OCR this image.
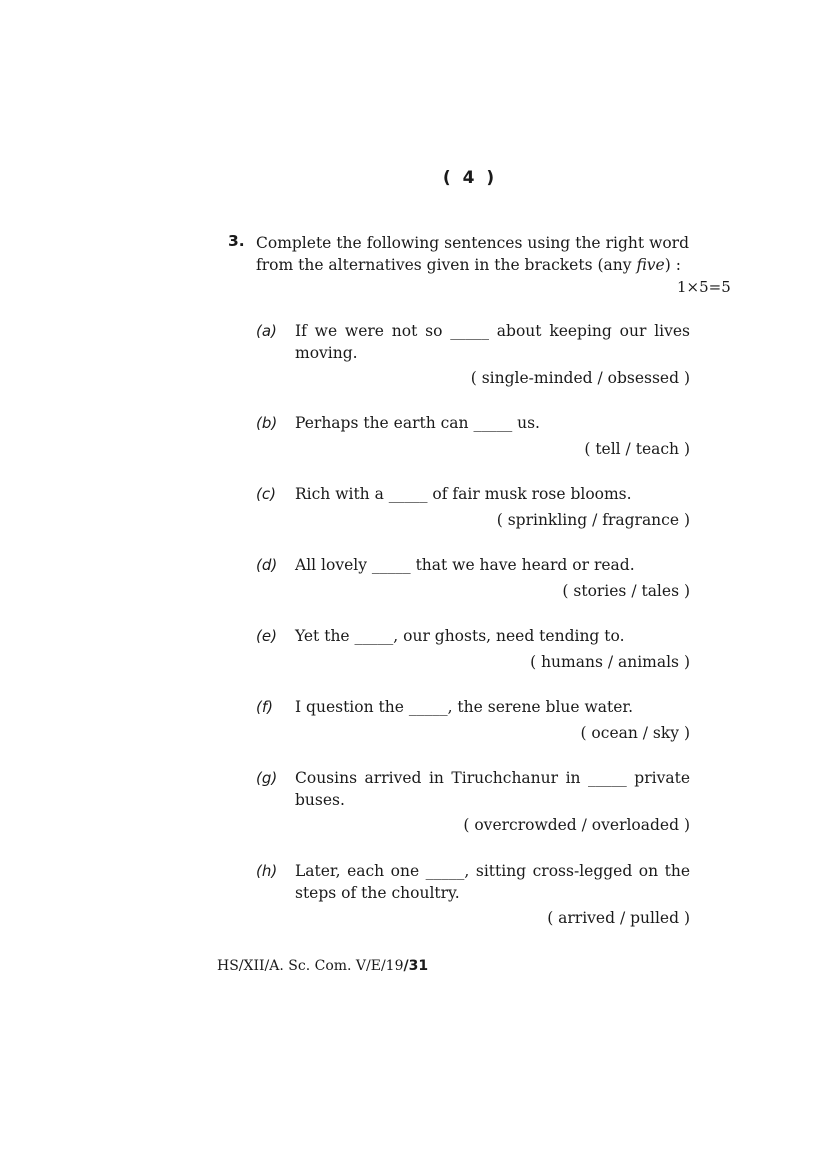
( 4 )
3. Complete the following sentences using the right word from the alternatives given in the brackets (any five) :
1×5=5
(a) If we were not so _____ about keeping our lives moving.
( single-minded / obsessed )
(b) Perhaps the earth can _____ us.
( tell / teach )
(c) Rich with a _____ of fair musk rose blooms.
( sprinkling / fragrance )
(d) All lovely _____ that we have heard or read.
( stories / tales )
(e) Yet the _____, our ghosts, need tending to.
( humans / animals )
(f) I question the _____, the serene blue water.
( ocean / sky )
(g) Cousins arrived in Tiruchchanur in _____ private buses.
( overcrowded / overloaded )
(h) Later, each one _____, sitting cross-legged on the steps of the choultry.
( arrived / pulled )
HS/XII/A. Sc. Com. V/E/19/31
